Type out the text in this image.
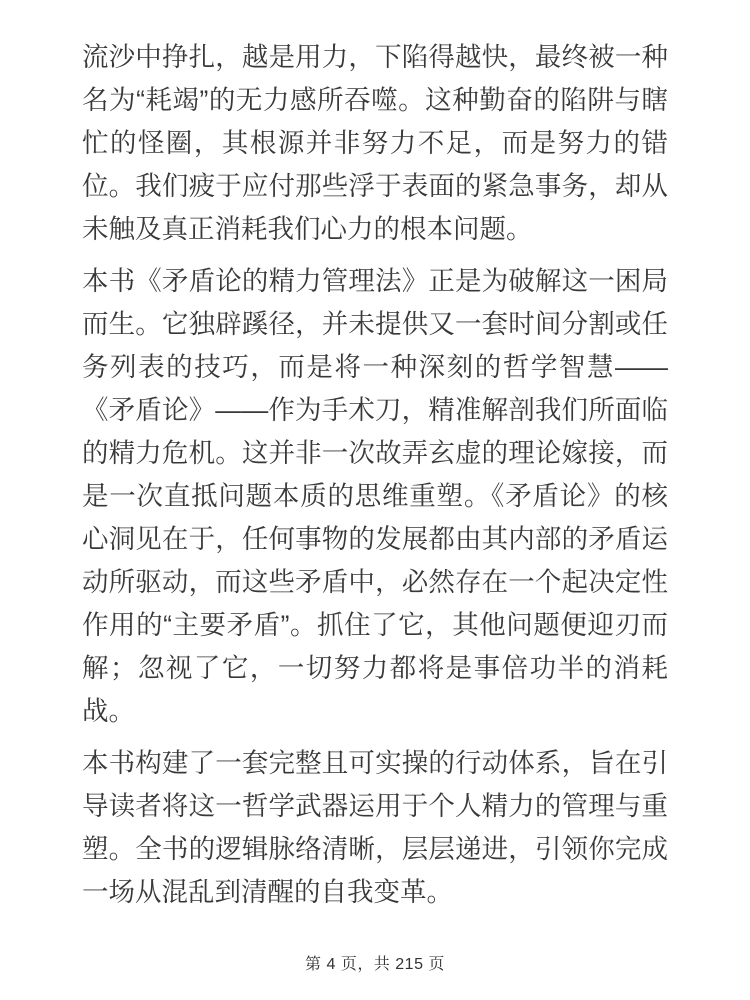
流沙中挣扎，越是用力，下陷得越快，最终被一种名为“耗竭”的无力感所吞噬。这种勤奋的陷阱与瞎忙的怪圈，其根源并非努力不足，而是努力的错位。我们疲于应付那些浮于表面的紧急事务，却从未触及真正消耗我们心力的根本问题。

本书《矛盾论的精力管理法》正是为破解这一困局而生。它独辟蹊径，并未提供又一套时间分割或任务列表的技巧，而是将一种深刻的哲学智慧——《矛盾论》——作为手术刀，精准解剖我们所面临的精力危机。这并非一次故弄玄虚的理论嫁接，而是一次直抵问题本质的思维重塑。《矛盾论》的核心洞见在于，任何事物的发展都由其内部的矛盾运动所驱动，而这些矛盾中，必然存在一个起决定性作用的“主要矛盾”。抓住了它，其他问题便迎刃而解；忽视了它，一切努力都将是事倍功半的消耗战。

本书构建了一套完整且可实操的行动体系，旨在引导读者将这一哲学武器运用于个人精力的管理与重塑。全书的逻辑脉络清晰，层层递进，引领你完成一场从混乱到清醒的自我变革。

第 4 页，共 215 页
